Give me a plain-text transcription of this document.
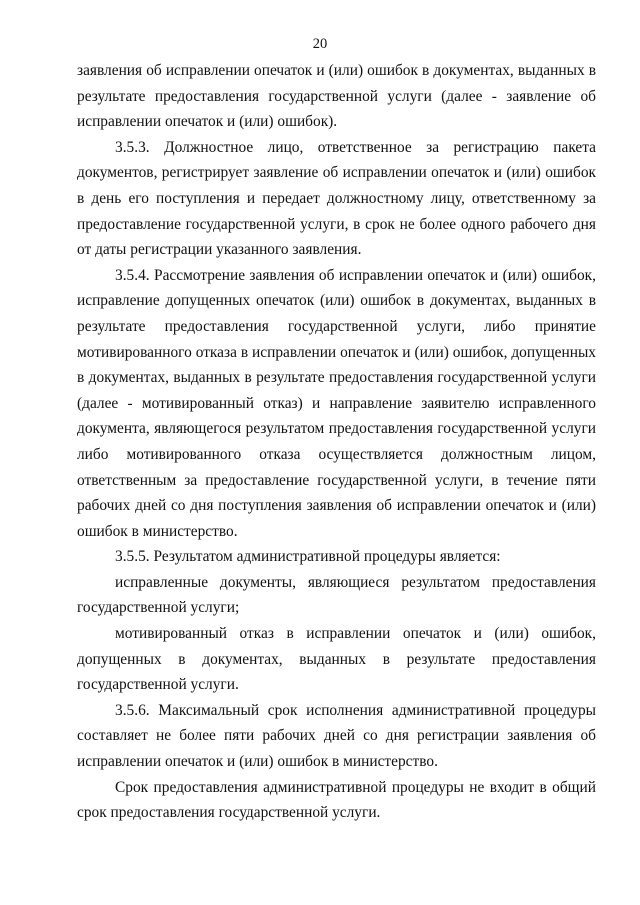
20

заявления об исправлении опечаток и (или) ошибок в документах, выданных в результате предоставления государственной услуги (далее - заявление об исправлении опечаток и (или) ошибок).

3.5.3. Должностное лицо, ответственное за регистрацию пакета документов, регистрирует заявление об исправлении опечаток и (или) ошибок в день его поступления и передает должностному лицу, ответственному за предоставление государственной услуги, в срок не более одного рабочего дня от даты регистрации указанного заявления.

3.5.4. Рассмотрение заявления об исправлении опечаток и (или) ошибок, исправление допущенных опечаток (или) ошибок в документах, выданных в результате предоставления государственной услуги, либо принятие мотивированного отказа в исправлении опечаток и (или) ошибок, допущенных в документах, выданных в результате предоставления государственной услуги (далее - мотивированный отказ) и направление заявителю исправленного документа, являющегося результатом предоставления государственной услуги либо мотивированного отказа осуществляется должностным лицом, ответственным за предоставление государственной услуги, в течение пяти рабочих дней со дня поступления заявления об исправлении опечаток и (или) ошибок в министерство.

3.5.5. Результатом административной процедуры является:

исправленные документы, являющиеся результатом предоставления государственной услуги;

мотивированный отказ в исправлении опечаток и (или) ошибок, допущенных в документах, выданных в результате предоставления государственной услуги.

3.5.6. Максимальный срок исполнения административной процедуры составляет не более пяти рабочих дней со дня регистрации заявления об исправлении опечаток и (или) ошибок в министерство.

Срок предоставления административной процедуры не входит в общий срок предоставления государственной услуги.
